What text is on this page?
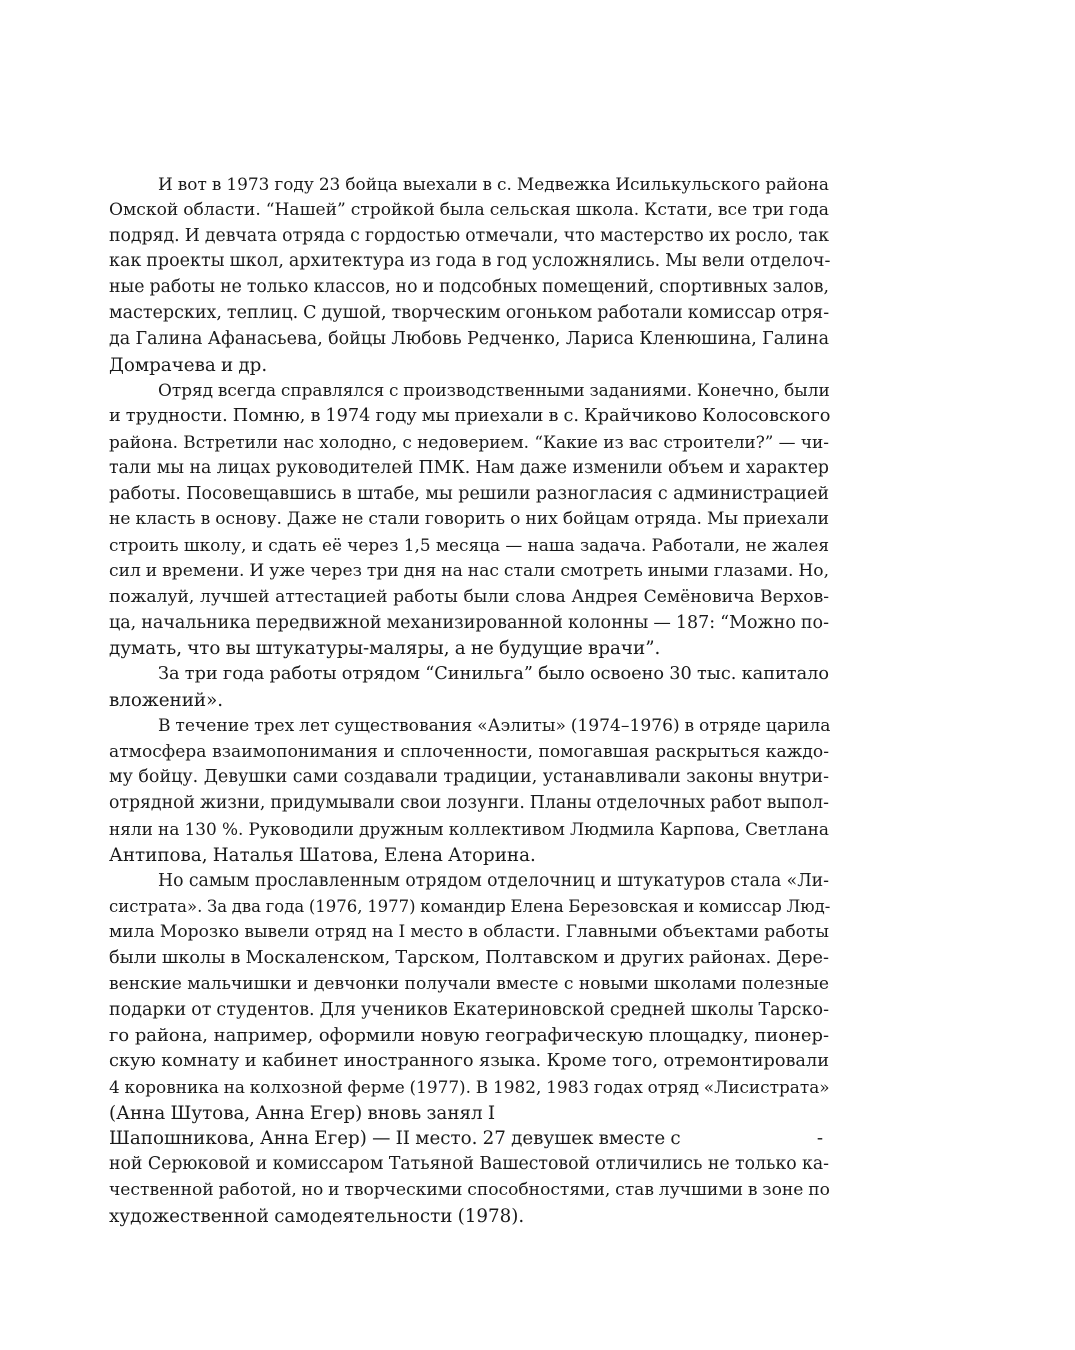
И вот в 1973 году 23 бойца выехали в с. Медвежка Исилькульского района
Омской области. “Нашей” стройкой была сельская школа. Кстати, все три года
подряд. И девчата отряда с гордостью отмечали, что мастерство их росло, так
как проекты школ, архитектура из года в год усложнялись. Мы вели отделоч-
ные работы не только классов, но и подсобных помещений, спортивных залов,
мастерских, теплиц. С душой, творческим огоньком работали комиссар отря-
да Галина Афанасьева, бойцы Любовь Редченко, Лариса Кленюшина, Галина
Домрачева и др.
Отряд всегда справлялся с производственными заданиями. Конечно, были
и трудности. Помню, в 1974 году мы приехали в с. Крайчиково Колосовского
района. Встретили нас холодно, с недоверием. “Какие из вас строители?” — чи-
тали мы на лицах руководителей ПМК. Нам даже изменили объем и характер
работы. Посовещавшись в штабе, мы решили разногласия с администрацией
не класть в основу. Даже не стали говорить о них бойцам отряда. Мы приехали
строить школу, и сдать её через 1,5 месяца — наша задача. Работали, не жалея
сил и времени. И уже через три дня на нас стали смотреть иными глазами. Но,
пожалуй, лучшей аттестацией работы были слова Андрея Семёновича Верхов-
ца, начальника передвижной механизированной колонны — 187: “Можно по-
думать, что вы штукатуры-маляры, а не будущие врачи”.
За три года работы отрядом “Синильга” было освоено 30 тыс. капитало
вложений».
В течение трех лет существования «Аэлиты» (1974–1976) в отряде царила
атмосфера взаимопонимания и сплоченности, помогавшая раскрыться каждо-
му бойцу. Девушки сами создавали традиции, устанавливали законы внутри-
отрядной жизни, придумывали свои лозунги. Планы отделочных работ выпол-
няли на 130 %. Руководили дружным коллективом Людмила Карпова, Светлана
Антипова, Наталья Шатова, Елена Аторина.
Но самым прославленным отрядом отделочниц и штукатуров стала «Ли-
систрата». За два года (1976, 1977) командир Елена Березовская и комиссар Люд-
мила Морозко вывели отряд на I место в области. Главными объектами работы
были школы в Москаленском, Тарском, Полтавском и других районах. Дере-
венские мальчишки и девчонки получали вместе с новыми школами полезные
подарки от студентов. Для учеников Екатериновской средней школы Тарско-
го района, например, оформили новую географическую площадку, пионер-
скую комнату и кабинет иностранного языка. Кроме того, отремонтировали
4 коровника на колхозной ферме (1977). В 1982, 1983 годах отряд «Лисистрата»
(Анна Шутова, Анна Егер) вновь занял I
Шапошникова, Анна Егер) — II место. 27 девушек вместе с	-
ной Серюковой и комиссаром Татьяной Вашестовой отличились не только ка-
чественной работой, но и творческими способностями, став лучшими в зоне по
художественной самодеятельности (1978).
